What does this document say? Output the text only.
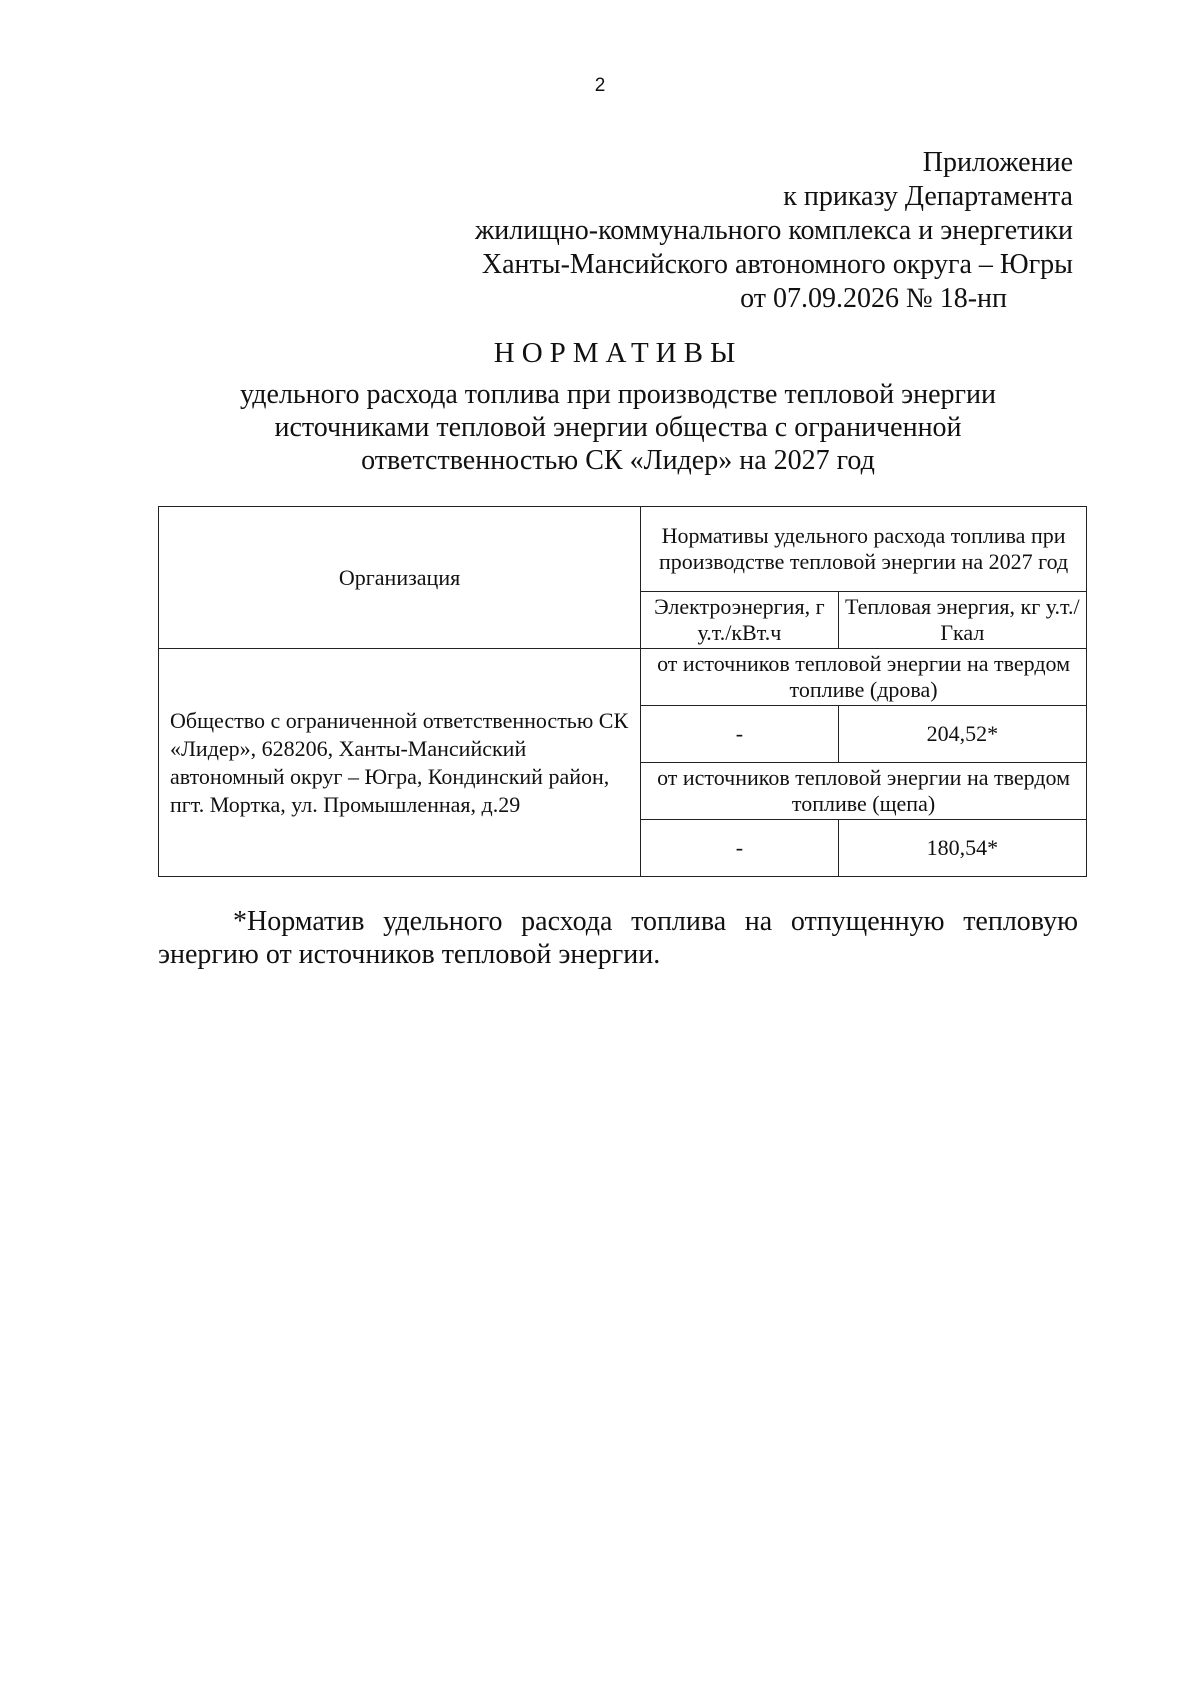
2
Приложение
к приказу Департамента
жилищно-коммунального комплекса и энергетики
Ханты-Мансийского автономного округа – Югры
от 07.09.2026 № 18-нп
НОРМАТИВЫ
удельного расхода топлива при производстве тепловой энергии
источниками тепловой энергии общества с ограниченной
ответственностью СК «Лидер» на 2027 год
Организация	Нормативы удельного расхода топлива при производстве тепловой энергии на 2027 год	
	Электроэнергия, г у.т./кВт.ч	Тепловая энергия, кг у.т./Гкал
Общество с ограниченной ответственностью СК «Лидер», 628206, Ханты-Мансийский автономный округ – Югра, Кондинский район, пгт. Мортка, ул. Промышленная, д.29	от источников тепловой энергии на твердом топливе (дрова)	
	-	204,52*
	от источников тепловой энергии на твердом топливе (щепа)	
	-	180,54*
*Норматив удельного расхода топлива на отпущенную тепловую энергию от источников тепловой энергии.
